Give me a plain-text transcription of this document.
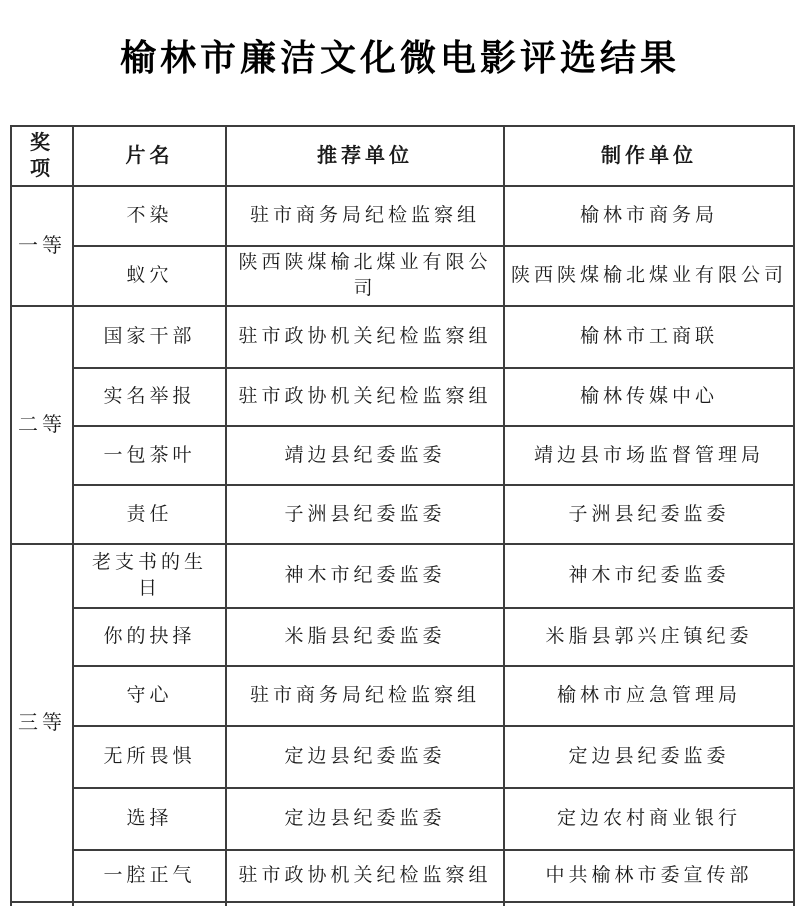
榆林市廉洁文化微电影评选结果
奖项	片名	推荐单位	制作单位
一等	不染	驻市商务局纪检监察组	榆林市商务局
	蚁穴	陕西陕煤榆北煤业有限公司	陕西陕煤榆北煤业有限公司
二等	国家干部	驻市政协机关纪检监察组	榆林市工商联
	实名举报	驻市政协机关纪检监察组	榆林传媒中心
	一包茶叶	靖边县纪委监委	靖边县市场监督管理局
	责任	子洲县纪委监委	子洲县纪委监委
三等	老支书的生日	神木市纪委监委	神木市纪委监委
	你的抉择	米脂县纪委监委	米脂县郭兴庄镇纪委
	守心	驻市商务局纪检监察组	榆林市应急管理局
	无所畏惧	定边县纪委监委	定边县纪委监委
	选择	定边县纪委监委	定边农村商业银行
	一腔正气	驻市政协机关纪检监察组	中共榆林市委宣传部
